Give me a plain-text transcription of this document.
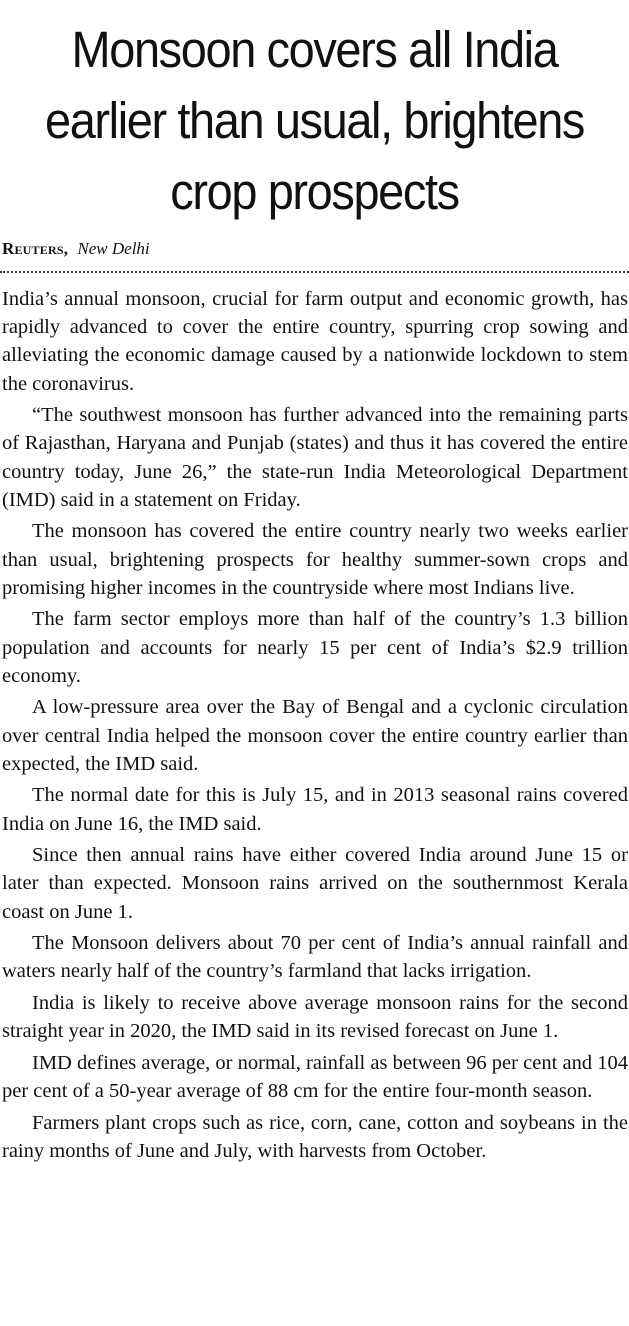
Monsoon covers all India earlier than usual, brightens crop prospects
Reuters, New Delhi

India’s annual monsoon, crucial for farm output and economic growth, has rapidly advanced to cover the entire country, spurring crop sowing and alleviating the economic damage caused by a nationwide lockdown to stem the coronavirus.

“The southwest monsoon has further advanced into the remaining parts of Rajasthan, Haryana and Punjab (states) and thus it has covered the entire country today, June 26,” the state-run India Meteorological Department (IMD) said in a statement on Friday.

The monsoon has covered the entire country nearly two weeks earlier than usual, brightening prospects for healthy summer-sown crops and promising higher incomes in the countryside where most Indians live.

The farm sector employs more than half of the country’s 1.3 billion population and accounts for nearly 15 per cent of India’s $2.9 trillion economy.

A low-pressure area over the Bay of Bengal and a cyclonic circulation over central India helped the monsoon cover the entire country earlier than expected, the IMD said.

The normal date for this is July 15, and in 2013 seasonal rains covered India on June 16, the IMD said.

Since then annual rains have either covered India around June 15 or later than expected. Monsoon rains arrived on the southernmost Kerala coast on June 1.

The Monsoon delivers about 70 per cent of India’s annual rainfall and waters nearly half of the country’s farmland that lacks irrigation.

India is likely to receive above average monsoon rains for the second straight year in 2020, the IMD said in its revised forecast on June 1.

IMD defines average, or normal, rainfall as between 96 per cent and 104 per cent of a 50-year average of 88 cm for the entire four-month season.

Farmers plant crops such as rice, corn, cane, cotton and soybeans in the rainy months of June and July, with harvests from October.
